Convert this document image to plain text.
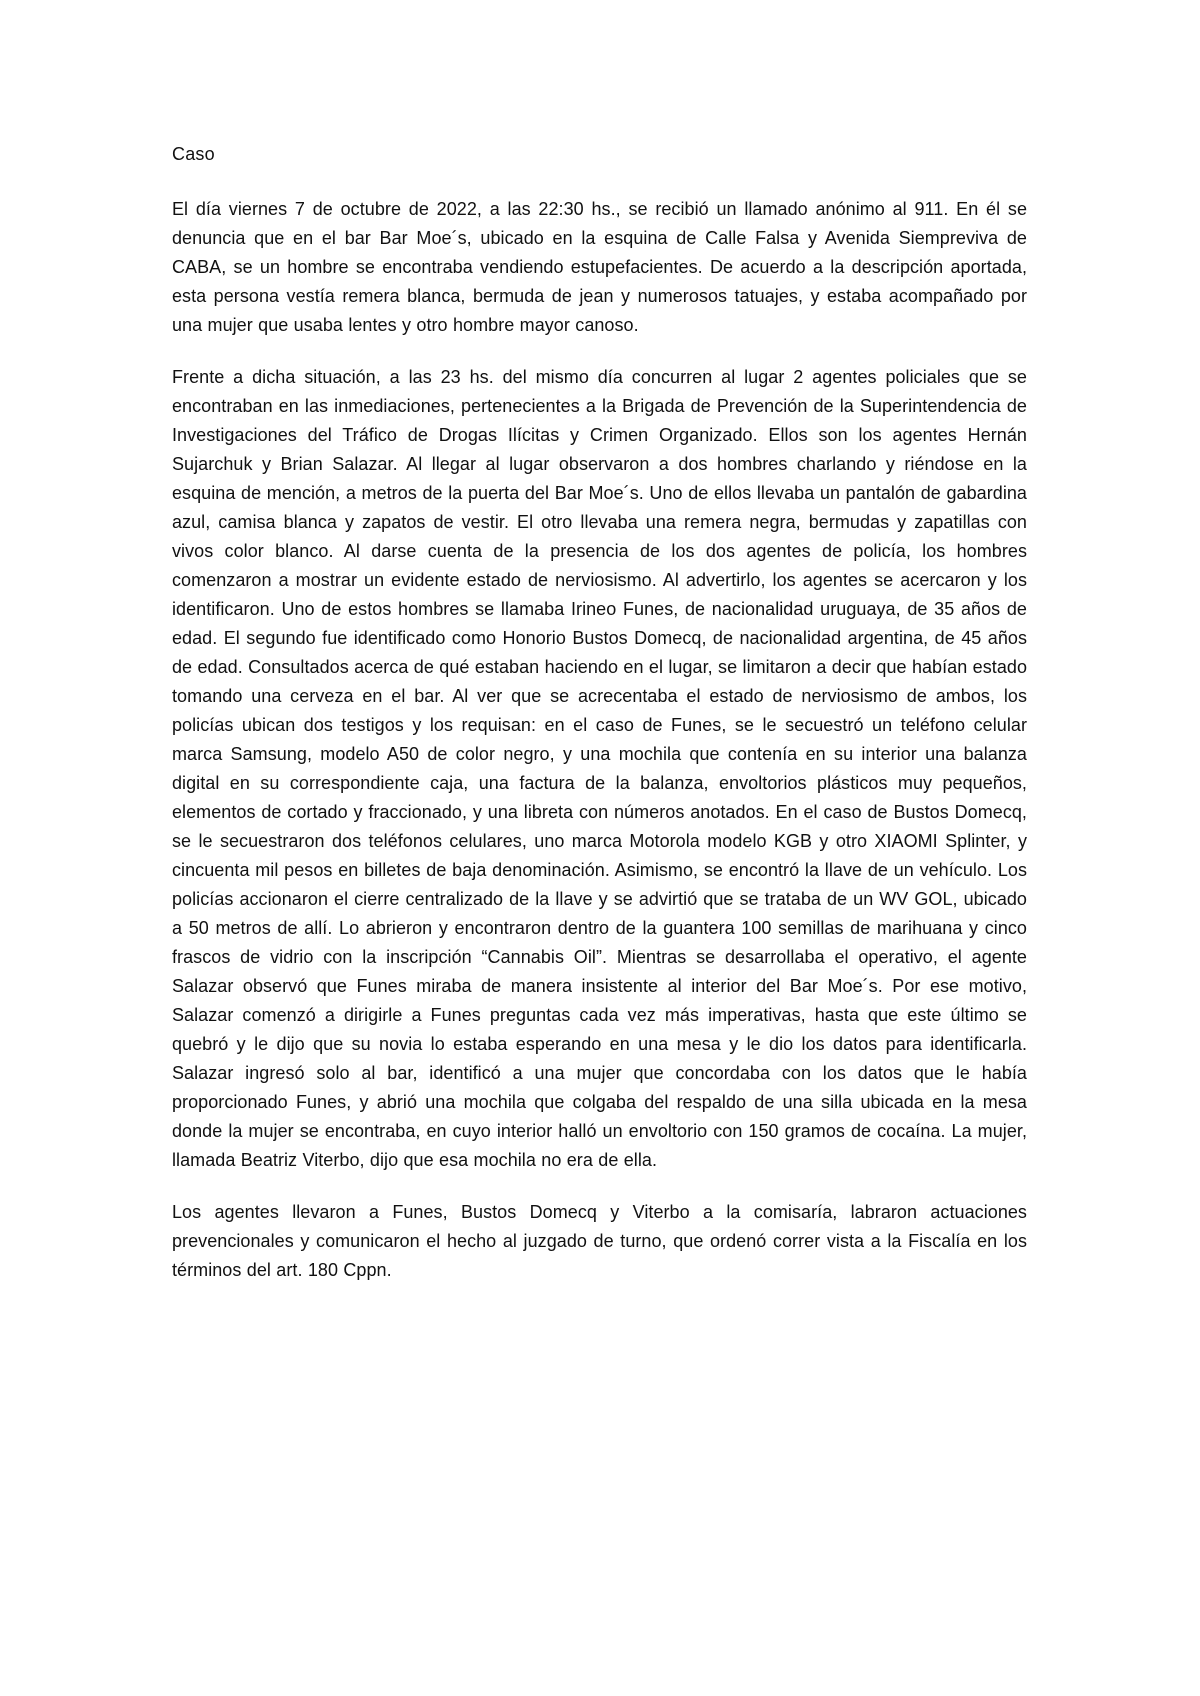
Caso

El día viernes 7 de octubre de 2022, a las 22:30 hs., se recibió un llamado anónimo al 911. En él se denuncia que en el bar Bar Moe´s, ubicado en la esquina de Calle Falsa y Avenida Siempreviva de CABA, se un hombre se encontraba vendiendo estupefacientes. De acuerdo a la descripción aportada, esta persona vestía remera blanca, bermuda de jean y numerosos tatuajes, y estaba acompañado por una mujer que usaba lentes y otro hombre mayor canoso.

Frente a dicha situación, a las 23 hs. del mismo día concurren al lugar 2 agentes policiales que se encontraban en las inmediaciones, pertenecientes a la Brigada de Prevención de la Superintendencia de Investigaciones del Tráfico de Drogas Ilícitas y Crimen Organizado. Ellos son los agentes Hernán Sujarchuk y Brian Salazar. Al llegar al lugar observaron a dos hombres charlando y riéndose en la esquina de mención, a metros de la puerta del Bar Moe´s. Uno de ellos llevaba un pantalón de gabardina azul, camisa blanca y zapatos de vestir. El otro llevaba una remera negra, bermudas y zapatillas con vivos color blanco. Al darse cuenta de la presencia de los dos agentes de policía, los hombres comenzaron a mostrar un evidente estado de nerviosismo. Al advertirlo, los agentes se acercaron y los identificaron. Uno de estos hombres se llamaba Irineo Funes, de nacionalidad uruguaya, de 35 años de edad. El segundo fue identificado como Honorio Bustos Domecq, de nacionalidad argentina, de 45 años de edad. Consultados acerca de qué estaban haciendo en el lugar, se limitaron a decir que habían estado tomando una cerveza en el bar. Al ver que se acrecentaba el estado de nerviosismo de ambos, los policías ubican dos testigos y los requisan: en el caso de Funes, se le secuestró un teléfono celular marca Samsung, modelo A50 de color negro, y una mochila que contenía en su interior una balanza digital en su correspondiente caja, una factura de la balanza, envoltorios plásticos muy pequeños, elementos de cortado y fraccionado, y una libreta con números anotados. En el caso de Bustos Domecq, se le secuestraron dos teléfonos celulares, uno marca Motorola modelo KGB y otro XIAOMI Splinter, y cincuenta mil pesos en billetes de baja denominación. Asimismo, se encontró la llave de un vehículo. Los policías accionaron el cierre centralizado de la llave y se advirtió que se trataba de un WV GOL, ubicado a 50 metros de allí. Lo abrieron y encontraron dentro de la guantera 100 semillas de marihuana y cinco frascos de vidrio con la inscripción “Cannabis Oil”. Mientras se desarrollaba el operativo, el agente Salazar observó que Funes miraba de manera insistente al interior del Bar Moe´s. Por ese motivo, Salazar comenzó a dirigirle a Funes preguntas cada vez más imperativas, hasta que este último se quebró y le dijo que su novia lo estaba esperando en una mesa y le dio los datos para identificarla. Salazar ingresó solo al bar, identificó a una mujer que concordaba con los datos que le había proporcionado Funes, y abrió una mochila que colgaba del respaldo de una silla ubicada en la mesa donde la mujer se encontraba, en cuyo interior halló un envoltorio con 150 gramos de cocaína. La mujer, llamada Beatriz Viterbo, dijo que esa mochila no era de ella.

Los agentes llevaron a Funes, Bustos Domecq y Viterbo a la comisaría, labraron actuaciones prevencionales y comunicaron el hecho al juzgado de turno, que ordenó correr vista a la Fiscalía en los términos del art. 180 Cppn.
